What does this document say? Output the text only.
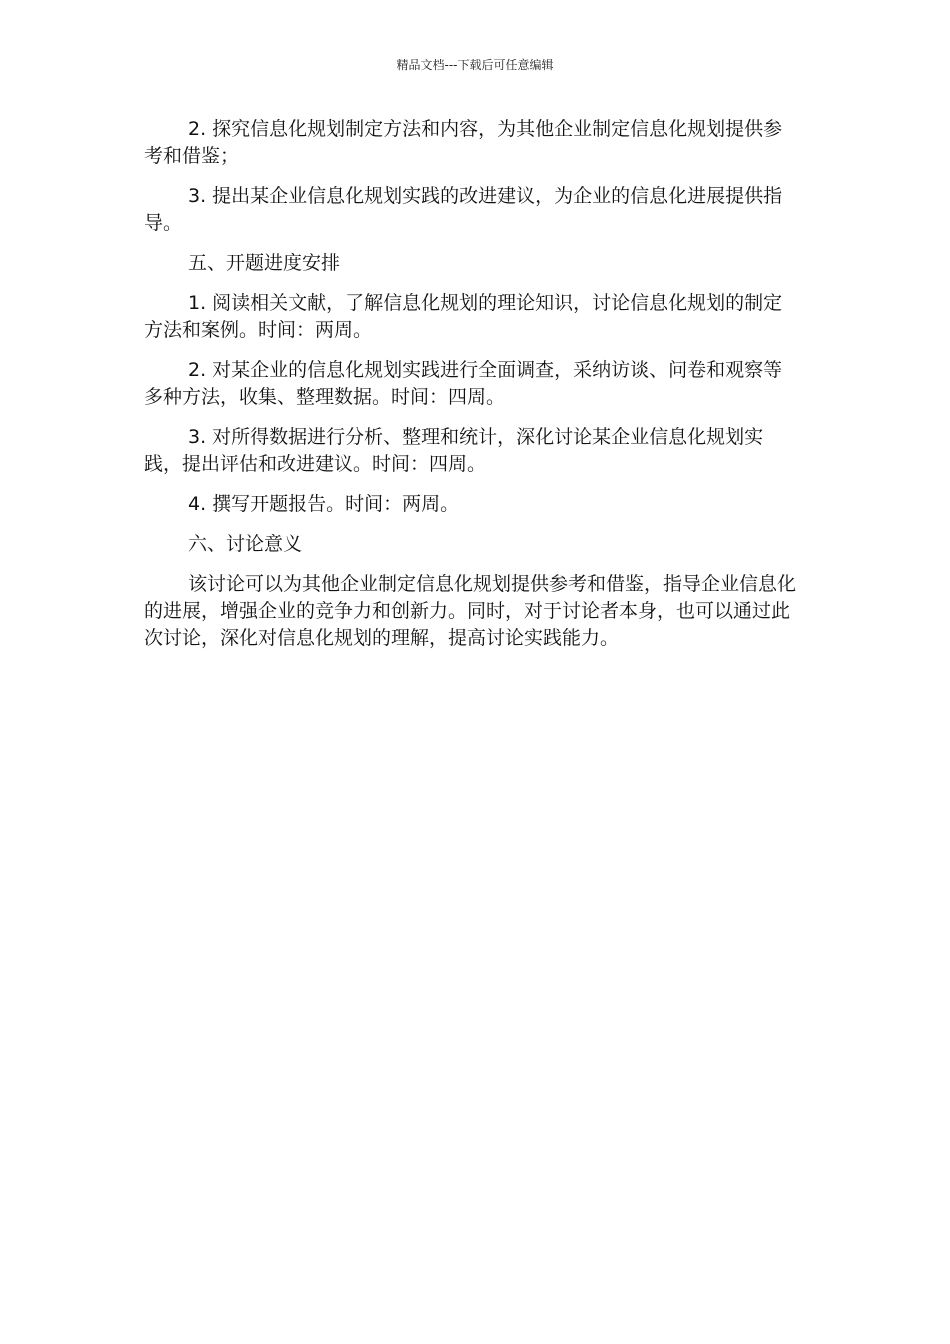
精品文档---下载后可任意编辑

2. 探究信息化规划制定方法和内容，为其他企业制定信息化规划提供参考和借鉴；

3. 提出某企业信息化规划实践的改进建议，为企业的信息化进展提供指导。

五、开题进度安排

1. 阅读相关文献，了解信息化规划的理论知识，讨论信息化规划的制定方法和案例。时间：两周。

2. 对某企业的信息化规划实践进行全面调查，采纳访谈、问卷和观察等多种方法，收集、整理数据。时间：四周。

3. 对所得数据进行分析、整理和统计，深化讨论某企业信息化规划实践，提出评估和改进建议。时间：四周。

4. 撰写开题报告。时间：两周。

六、讨论意义

该讨论可以为其他企业制定信息化规划提供参考和借鉴，指导企业信息化的进展，增强企业的竞争力和创新力。同时，对于讨论者本身，也可以通过此次讨论，深化对信息化规划的理解，提高讨论实践能力。
